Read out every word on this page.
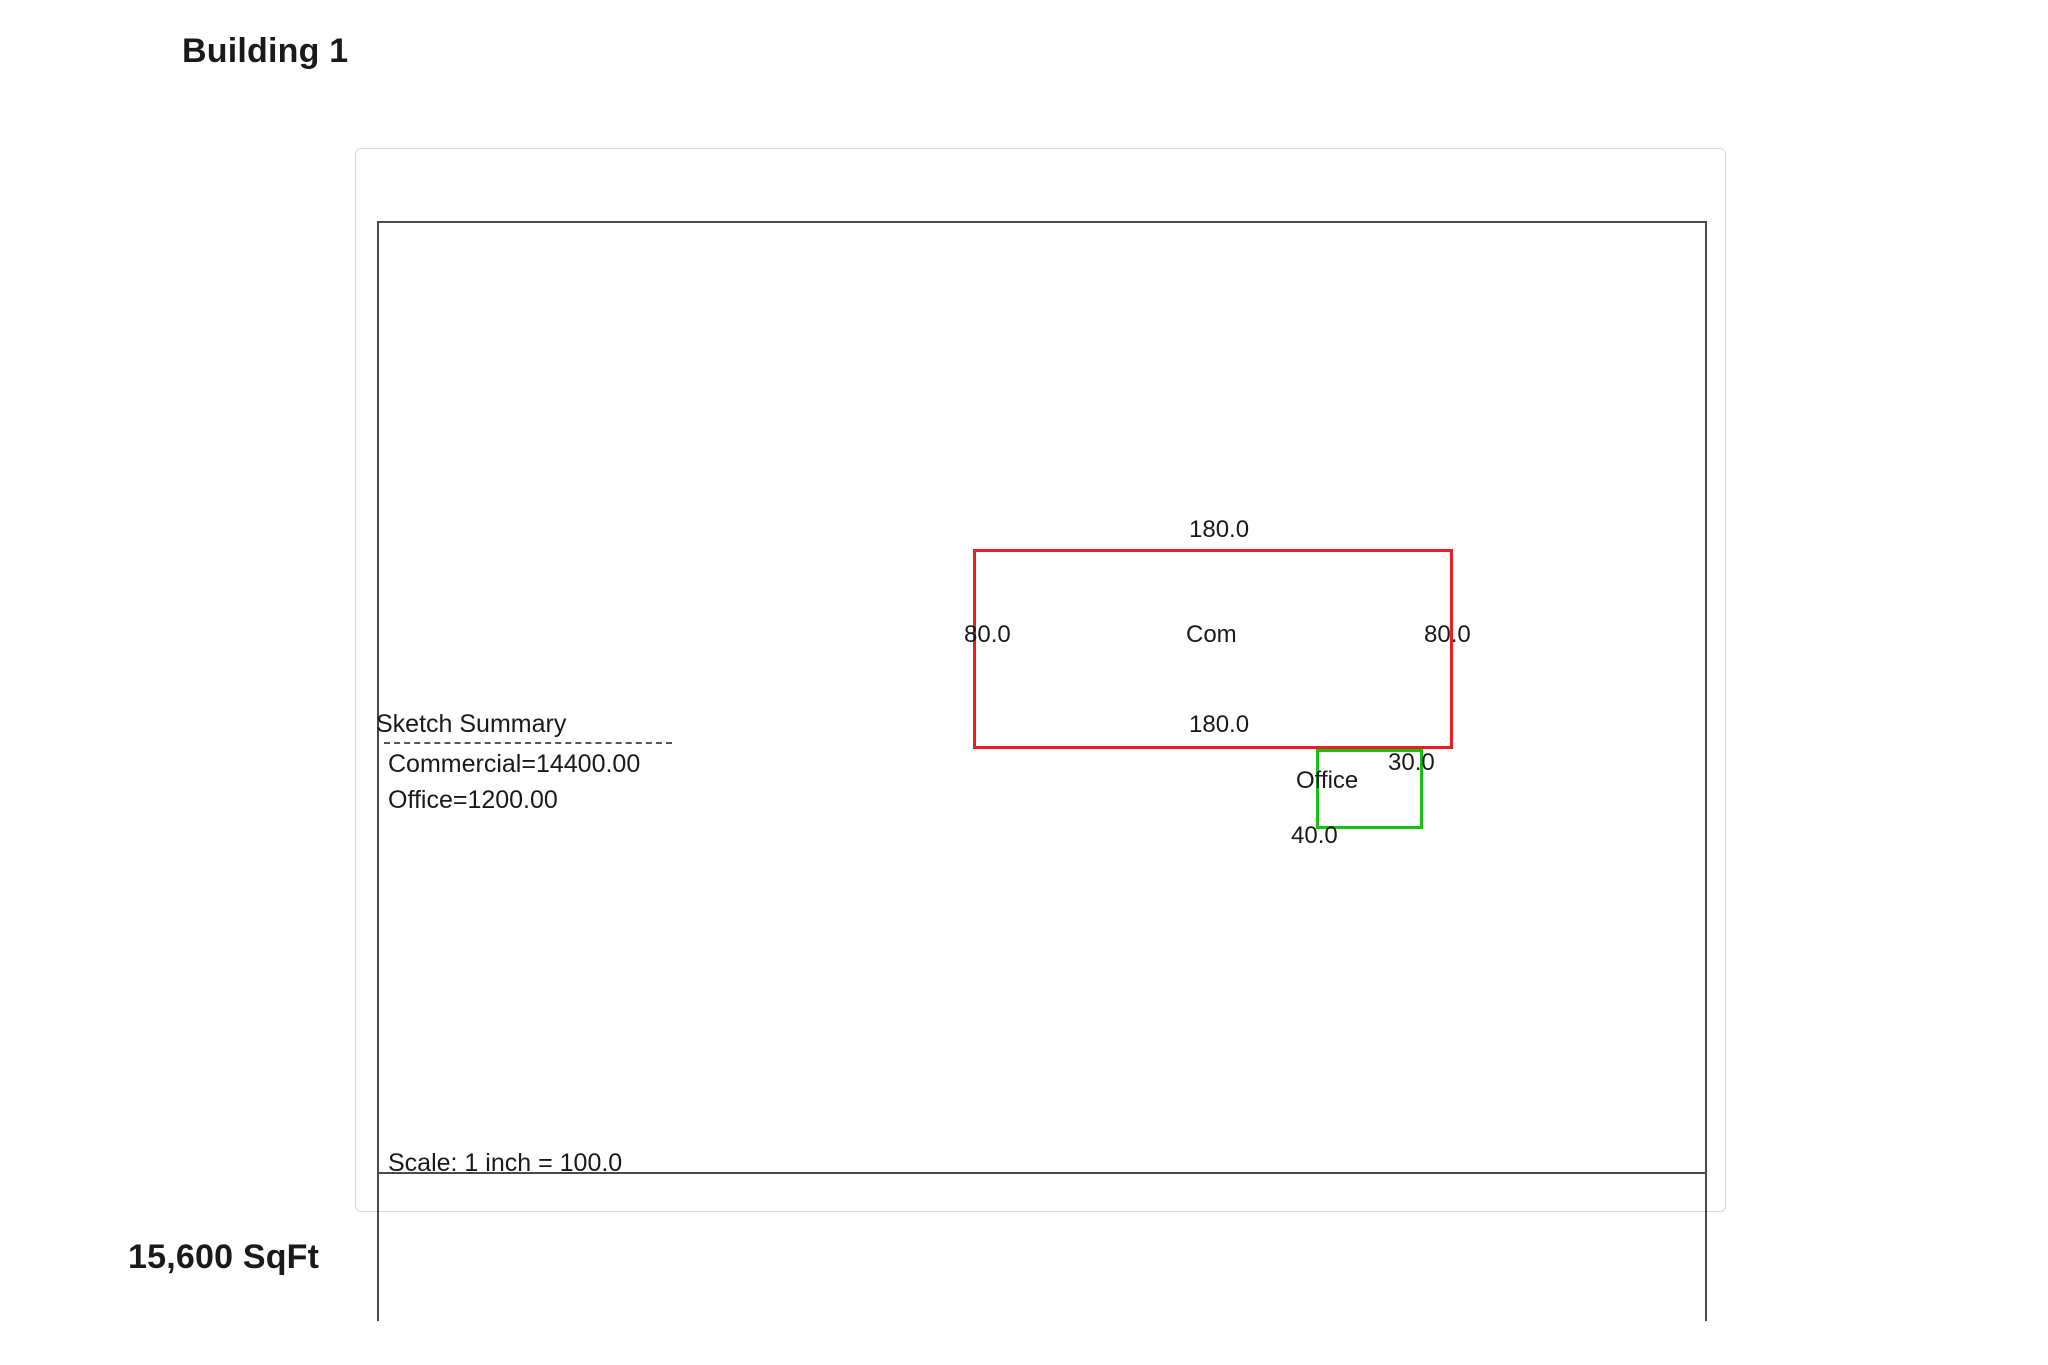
Building 1
180.0
80.0	80.0
180.0
Com
Office
30.0
40.0
Sketch Summary
Commercial=14400.00
Office=1200.00
Scale: 1 inch = 100.0
15,600 SqFt
